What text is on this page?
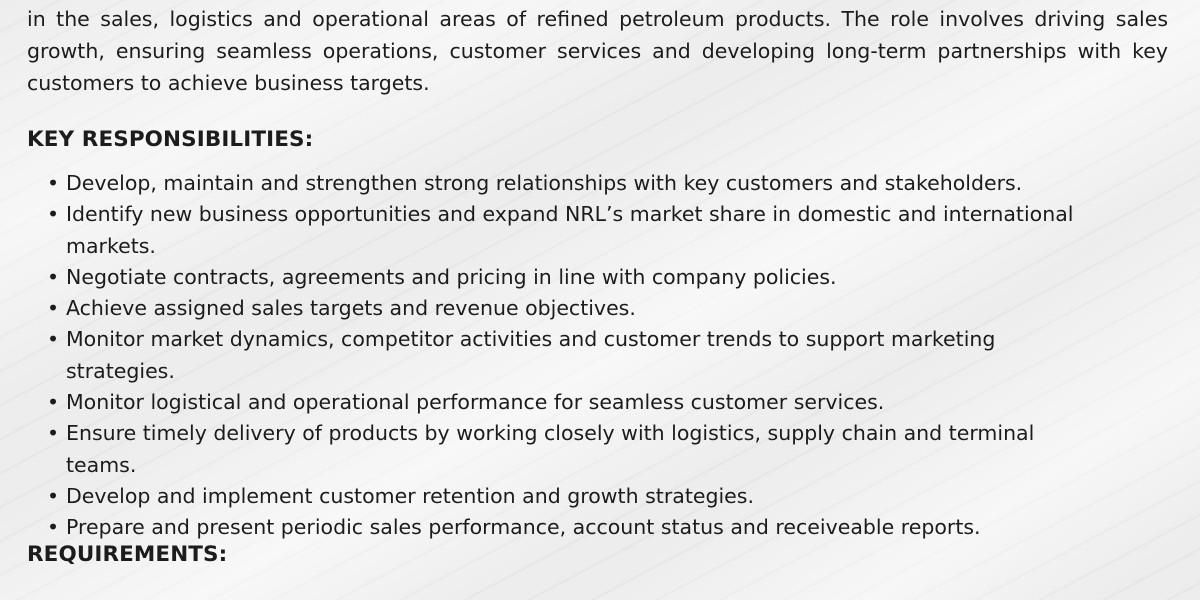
in the sales, logistics and operational areas of refined petroleum products. The role involves driving sales
growth, ensuring seamless operations, customer services and developing long-term partnerships with key
customers to achieve business targets.

KEY RESPONSIBILITIES:
• Develop, maintain and strengthen strong relationships with key customers and stakeholders.
• Identify new business opportunities and expand NRL’s market share in domestic and international markets.
• Negotiate contracts, agreements and pricing in line with company policies.
• Achieve assigned sales targets and revenue objectives.
• Monitor market dynamics, competitor activities and customer trends to support marketing strategies.
• Monitor logistical and operational performance for seamless customer services.
• Ensure timely delivery of products by working closely with logistics, supply chain and terminal teams.
• Develop and implement customer retention and growth strategies.
• Prepare and present periodic sales performance, account status and receiveable reports.
REQUIREMENTS:
